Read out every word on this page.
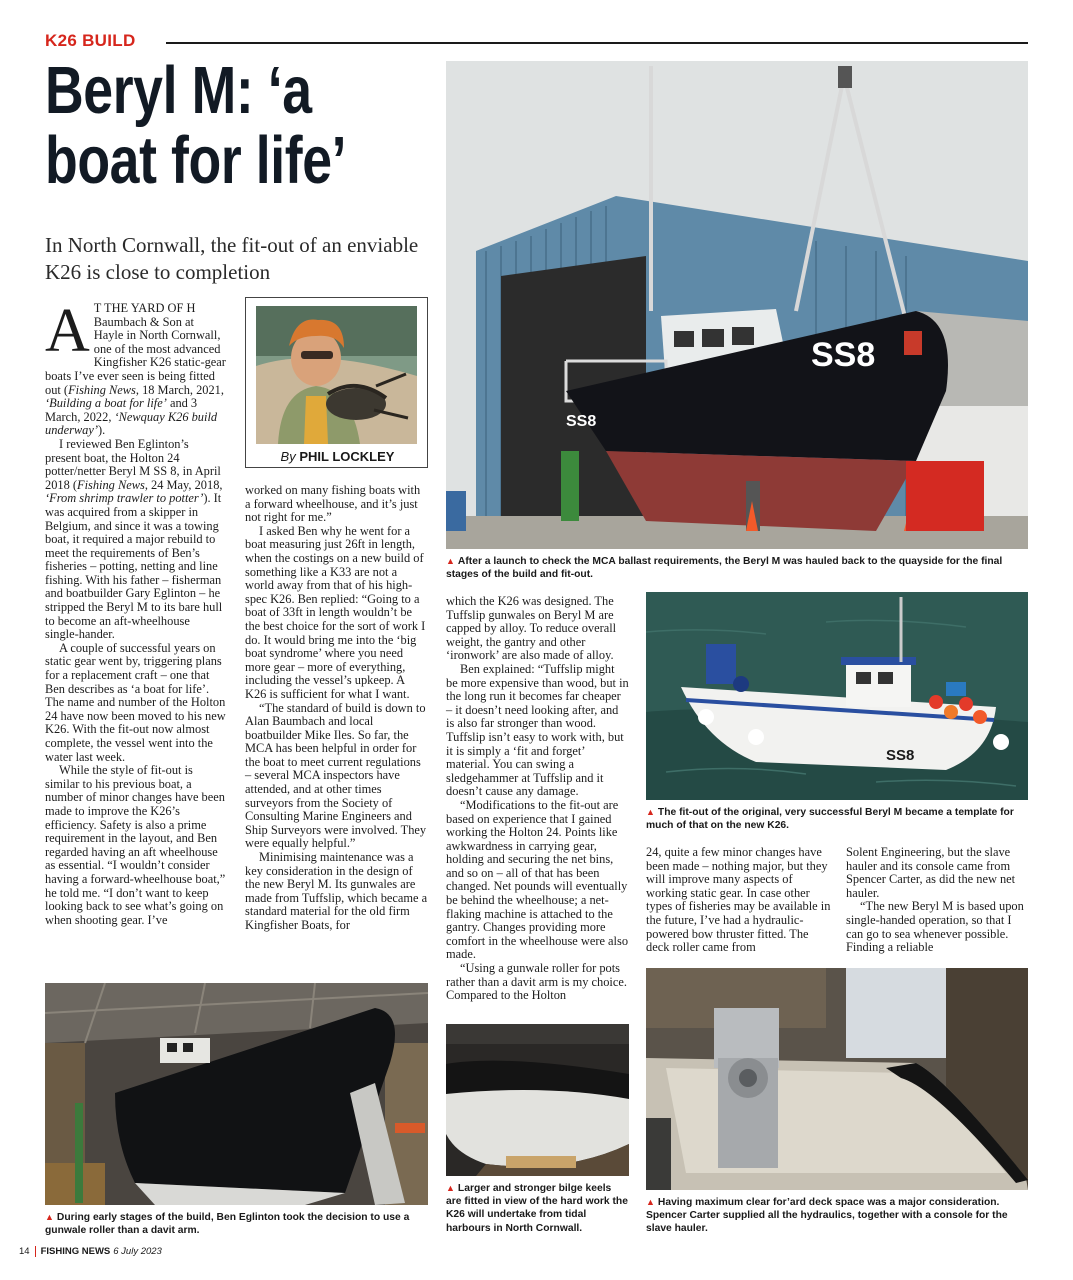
K26 BUILD
Beryl M: ‘a
boat for life’
In North Cornwall, the fit-out of an enviable K26 is close to completion
By PHIL LOCKLEY

A T THE YARD OF H Baumbach & Son at Hayle in North Cornwall, one of the most advanced Kingfisher K26 static-gear boats I’ve ever seen is being fitted out (Fishing News, 18 March, 2021, ‘Building a boat for life’ and 3 March, 2022, ‘Newquay K26 build underway’).

I reviewed Ben Eglinton’s present boat, the Holton 24 potter/netter Beryl M SS 8, in April 2018 (Fishing News, 24 May, 2018, ‘From shrimp trawler to potter’). It was acquired from a skipper in Belgium, and since it was a towing boat, it required a major rebuild to meet the requirements of Ben’s fisheries – potting, netting and line fishing. With his father – fisherman and boatbuilder Gary Eglinton – he stripped the Beryl M to its bare hull to become an aft-wheelhouse single-hander.

A couple of successful years on static gear went by, triggering plans for a replacement craft – one that Ben describes as ‘a boat for life’. The name and number of the Holton 24 have now been moved to his new K26. With the fit-out now almost complete, the vessel went into the water last week.

While the style of fit-out is similar to his previous boat, a number of minor changes have been made to improve the K26’s efficiency. Safety is also a prime requirement in the layout, and Ben regarded having an aft wheelhouse as essential. “I wouldn’t consider having a forward-wheelhouse boat,” he told me. “I don’t want to keep looking back to see what’s going on when shooting gear. I’ve

worked on many fishing boats with a forward wheelhouse, and it’s just not right for me.”

I asked Ben why he went for a boat measuring just 26ft in length, when the costings on a new build of something like a K33 are not a world away from that of his high-spec K26. Ben replied: “Going to a boat of 33ft in length wouldn’t be the best choice for the sort of work I do. It would bring me into the ‘big boat syndrome’ where you need more gear – more of everything, including the vessel’s upkeep. A K26 is sufficient for what I want.

“The standard of build is down to Alan Baumbach and local boatbuilder Mike Iles. So far, the MCA has been helpful in order for the boat to meet current regulations – several MCA inspectors have attended, and at other times surveyors from the Society of Consulting Marine Engineers and Ship Surveyors were involved. They were equally helpful.”

Minimising maintenance was a key consideration in the design of the new Beryl M. Its gunwales are made from Tuffslip, which became a standard material for the old firm Kingfisher Boats, for

which the K26 was designed. The Tuffslip gunwales on Beryl M are capped by alloy. To reduce overall weight, the gantry and other ‘ironwork’ are also made of alloy.

Ben explained: “Tuffslip might be more expensive than wood, but in the long run it becomes far cheaper – it doesn’t need looking after, and is also far stronger than wood. Tuffslip isn’t easy to work with, but it is simply a ‘fit and forget’ material. You can swing a sledgehammer at Tuffslip and it doesn’t cause any damage.

“Modifications to the fit-out are based on experience that I gained working the Holton 24. Points like awkwardness in carrying gear, holding and securing the net bins, and so on – all of that has been changed. Net pounds will eventually be behind the wheelhouse; a net-flaking machine is attached to the gantry. Changes providing more comfort in the wheelhouse were also made.

“Using a gunwale roller for pots rather than a davit arm is my choice. Compared to the Holton

24, quite a few minor changes have been made – nothing major, but they will improve many aspects of working static gear. In case other types of fisheries may be available in the future, I’ve had a hydraulic-powered bow thruster fitted. The deck roller came from

Solent Engineering, but the slave hauler and its console came from Spencer Carter, as did the new net hauler.

“The new Beryl M is based upon single-handed operation, so that I can go to sea whenever possible. Finding a reliable

SS8
SS8
▲ After a launch to check the MCA ballast requirements, the Beryl M was hauled back to the quayside for the final stages of the build and fit-out.
SS8
▲ The fit-out of the original, very successful Beryl M became a template for much of that on the new K26.
▲ During early stages of the build, Ben Eglinton took the decision to use a gunwale roller than a davit arm.
▲ Larger and stronger bilge keels are fitted in view of the hard work the K26 will undertake from tidal harbours in North Cornwall.
▲ Having maximum clear for’ard deck space was a major consideration. Spencer Carter supplied all the hydraulics, together with a console for the slave hauler.
14 FISHING NEWS 6 July 2023
